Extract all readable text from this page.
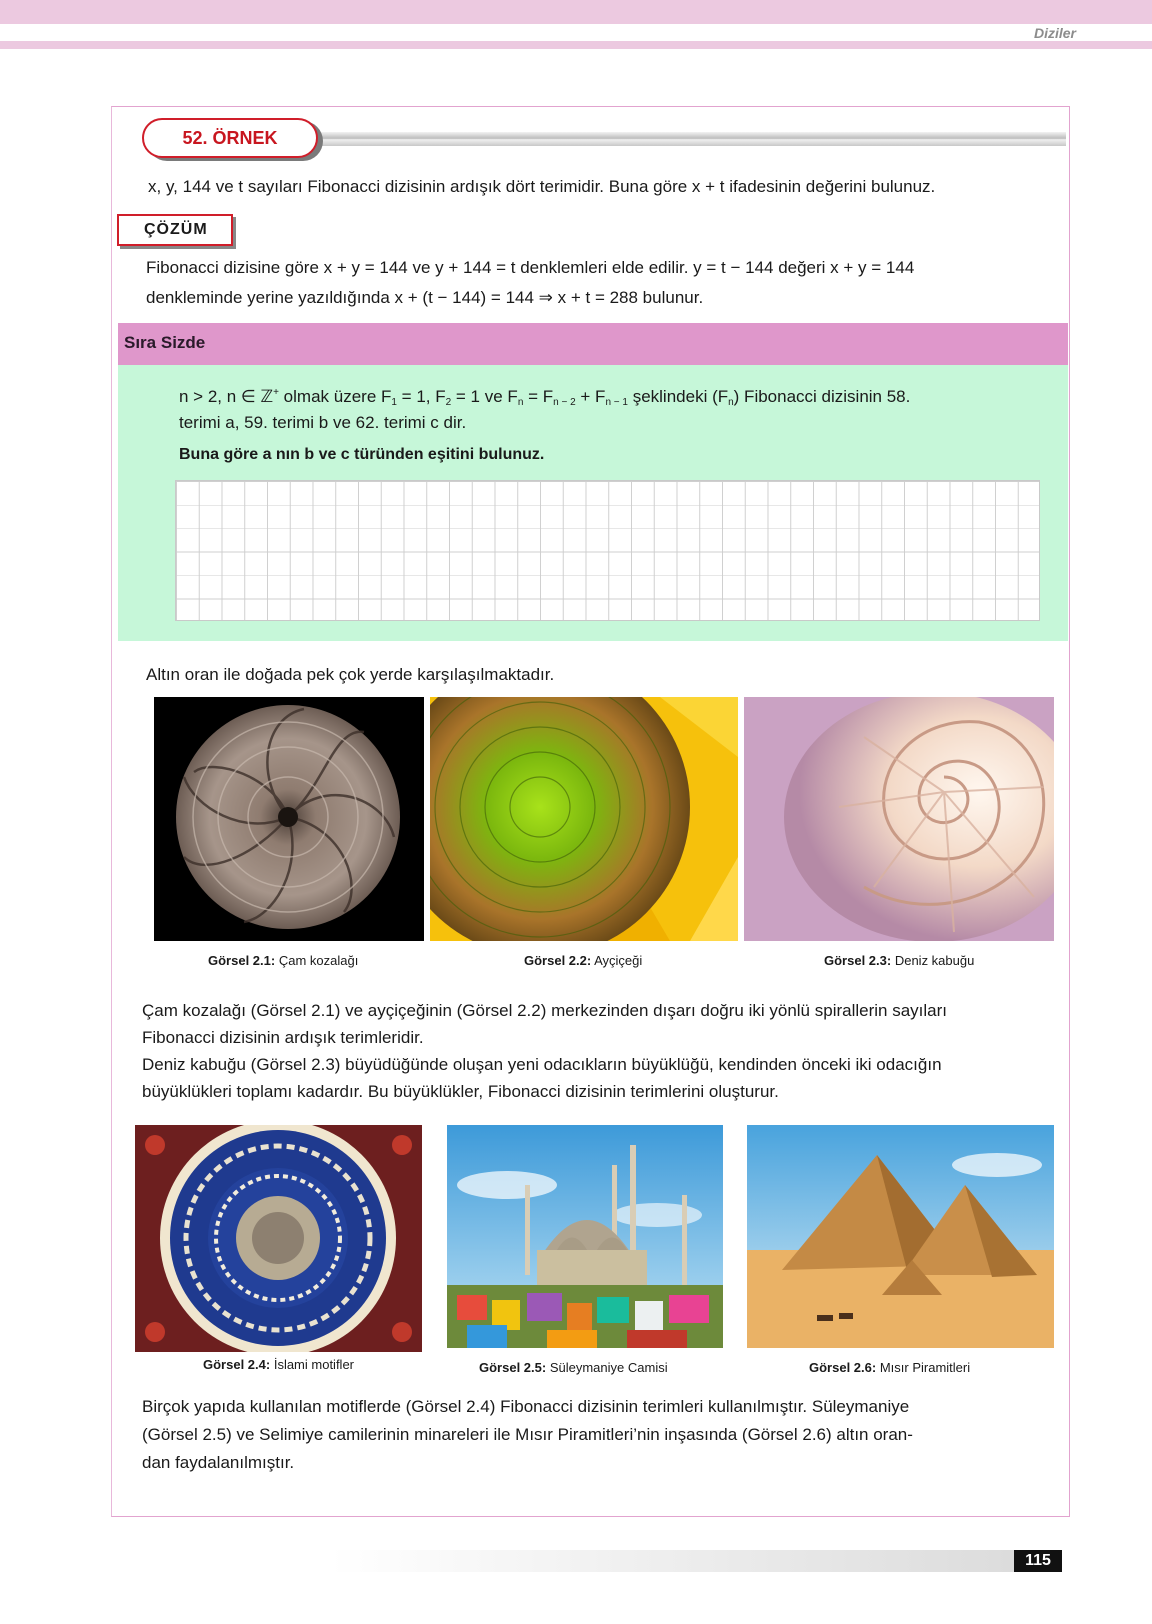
Diziler
52. ÖRNEK
x, y, 144 ve t sayıları Fibonacci dizisinin ardışık dört terimidir. Buna göre x + t ifadesinin değerini bulunuz.
ÇÖZÜM
Fibonacci dizisine göre x + y = 144 ve y + 144 = t denklemleri elde edilir. y = t − 144 değeri x + y = 144
denkleminde yerine yazıldığında x + (t − 144) = 144 ⇒ x + t = 288 bulunur.
Sıra Sizde
n > 2, n ∈ ℤ+ olmak üzere $F_1 = 1$, $F_2 = 1$ ve $F_n = F_{n - 2} + F_{n - 1}$ şeklindeki $(F_n)$ Fibonacci dizisinin 58.
terimi a, 59. terimi b ve 62. terimi c dir.
Buna göre a nın b ve c türünden eşitini bulunuz.
Altın oran ile doğada pek çok yerde karşılaşılmaktadır.
Görsel 2.1: Çam kozalağı	Görsel 2.2: Ayçiçeği	Görsel 2.3: Deniz kabuğu
Çam kozalağı (Görsel 2.1) ve ayçiçeğinin (Görsel 2.2) merkezinden dışarı doğru iki yönlü spirallerin sayıları
Fibonacci dizisinin ardışık terimleridir.
Deniz kabuğu (Görsel 2.3) büyüdüğünde oluşan yeni odacıkların büyüklüğü, kendinden önceki iki odacığın
büyüklükleri toplamı kadardır. Bu büyüklükler, Fibonacci dizisinin terimlerini oluşturur.
Görsel 2.4: İslami motifler	Görsel 2.5: Süleymaniye Camisi	Görsel 2.6: Mısır Piramitleri
Birçok yapıda kullanılan motiflerde (Görsel 2.4) Fibonacci dizisinin terimleri kullanılmıştır. Süleymaniye
(Görsel 2.5) ve Selimiye camilerinin minareleri ile Mısır Piramitleri’nin inşasında (Görsel 2.6) altın oran-
dan faydalanılmıştır.
115
